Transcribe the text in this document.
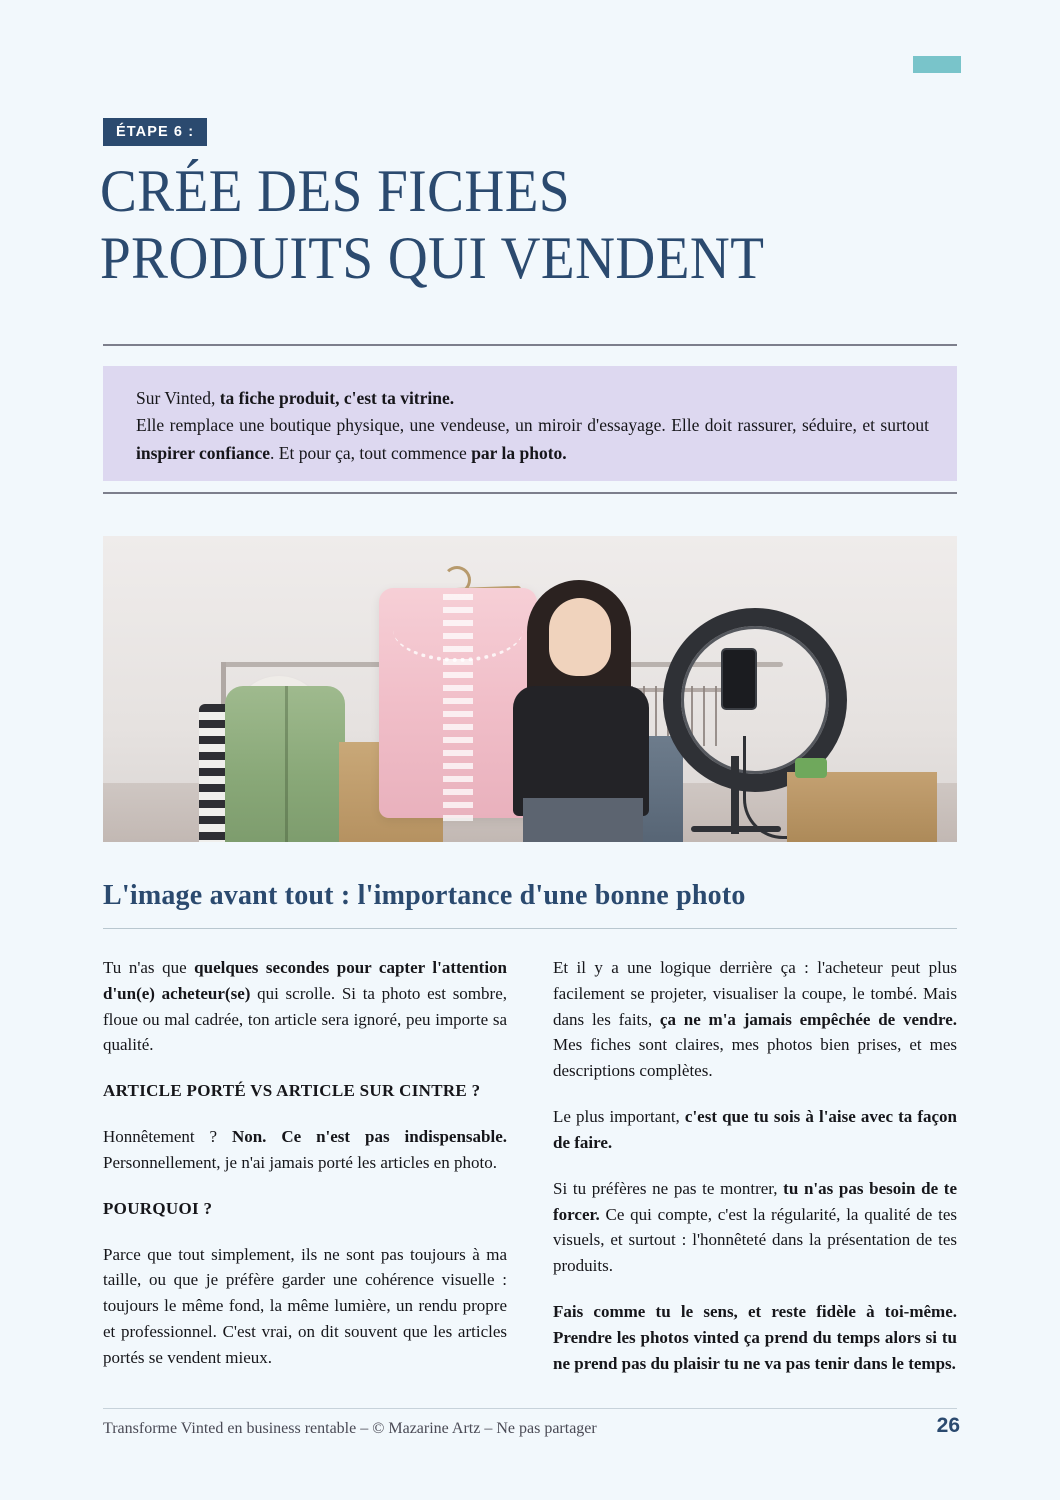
ÉTAPE 6 :
CRÉE DES FICHES
PRODUITS QUI VENDENT

Sur Vinted, ta fiche produit, c'est ta vitrine.
Elle remplace une boutique physique, une vendeuse, un miroir d'essayage. Elle doit rassurer, séduire, et surtout inspirer confiance. Et pour ça, tout commence par la photo.

L'image avant tout : l'importance d'une bonne photo

Tu n'as que quelques secondes pour capter l'attention d'un(e) acheteur(se) qui scrolle. Si ta photo est sombre, floue ou mal cadrée, ton article sera ignoré, peu importe sa qualité.

ARTICLE PORTÉ VS ARTICLE SUR CINTRE ?

Honnêtement ? Non. Ce n'est pas indispensable. Personnellement, je n'ai jamais porté les articles en photo.

POURQUOI ?

Parce que tout simplement, ils ne sont pas toujours à ma taille, ou que je préfère garder une cohérence visuelle : toujours le même fond, la même lumière, un rendu propre et professionnel. C'est vrai, on dit souvent que les articles portés se vendent mieux.

Et il y a une logique derrière ça : l'acheteur peut plus facilement se projeter, visualiser la coupe, le tombé. Mais dans les faits, ça ne m'a jamais empêchée de vendre. Mes fiches sont claires, mes photos bien prises, et mes descriptions complètes.

Le plus important, c'est que tu sois à l'aise avec ta façon de faire.

Si tu préfères ne pas te montrer, tu n'as pas besoin de te forcer. Ce qui compte, c'est la régularité, la qualité de tes visuels, et surtout : l'honnêteté dans la présentation de tes produits.

Fais comme tu le sens, et reste fidèle à toi-même. Prendre les photos vinted ça prend du temps alors si tu ne prend pas du plaisir tu ne va pas tenir dans le temps.

Transforme Vinted en business rentable – © Mazarine Artz – Ne pas partager	26
